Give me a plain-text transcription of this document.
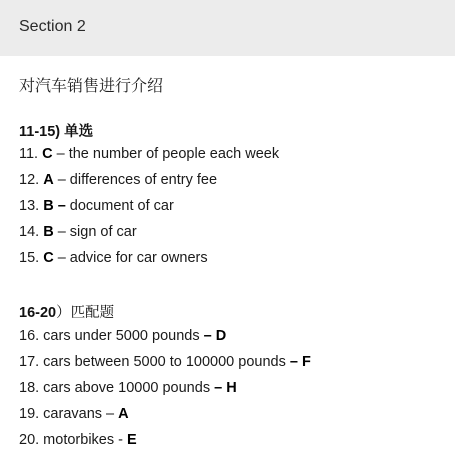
Section 2
对汽车销售进行介绍
11-15) 单选
11. C – the number of people each week
12. A – differences of entry fee
13. B – document of car
14. B – sign of car
15. C – advice for car owners
16-20）匹配题
16. cars under 5000 pounds – D
17. cars between 5000 to 100000 pounds – F
18. cars above 10000 pounds – H
19. caravans – A
20. motorbikes - E
